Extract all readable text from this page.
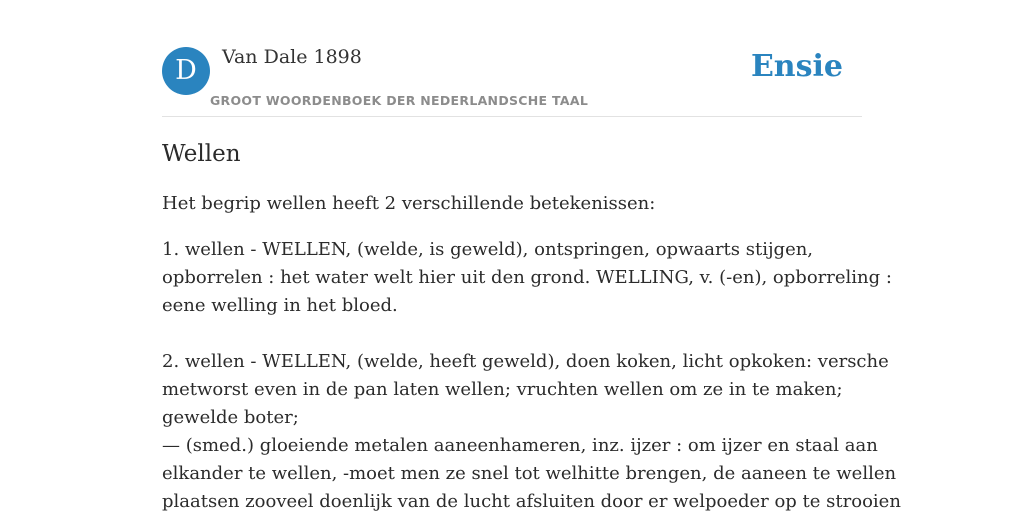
D	Van Dale 1898
GROOT WOORDENBOEK DER NEDERLANDSCHE TAAL
Ensie
Wellen

Het begrip wellen heeft 2 verschillende betekenissen:

1. wellen - WELLEN, (welde, is geweld), ontspringen, opwaarts stijgen,
opborrelen : het water welt hier uit den grond. WELLING, v. (-en), opborreling :
eene welling in het bloed.

2. wellen - WELLEN, (welde, heeft geweld), doen koken, licht opkoken: versche
metworst even in de pan laten wellen; vruchten wellen om ze in te maken;
gewelde boter;
— (smed.) gloeiende metalen aaneenhameren, inz. ijzer : om ijzer en staal aan
elkander te wellen, -moet men ze snel tot welhitte brengen, de aaneen te wellen
plaatsen zooveel doenlijk van de lucht afsluiten door er welpoeder op te strooien
